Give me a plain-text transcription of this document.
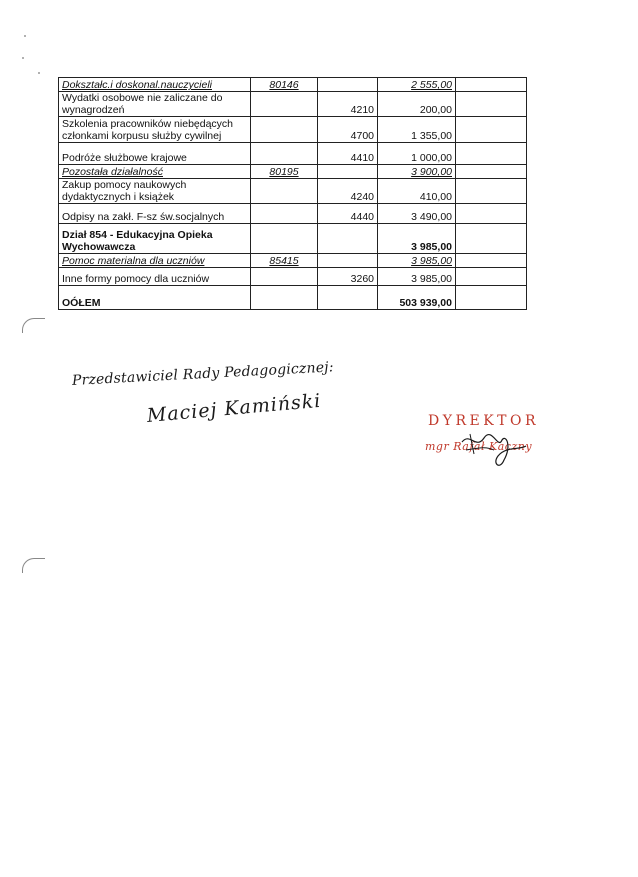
Dokształc.i doskonal.nauczycieli	80146		2 555,00	
Wydatki osobowe nie zaliczane do wynagrodzeń		4210	200,00	
Szkolenia pracowników niebędących członkami korpusu służby cywilnej		4700	1 355,00	
Podróże służbowe krajowe		4410	1 000,00	
Pozostała działalność	80195		3 900,00	
Zakup pomocy naukowych dydaktycznych i książek		4240	410,00	
Odpisy na zakł. F-sz św.socjalnych		4440	3 490,00	
Dział 854 - Edukacyjna Opieka Wychowawcza			3 985,00	
Pomoc materialna dla uczniów	85415		3 985,00	
Inne formy pomocy dla uczniów		3260	3 985,00	
OÓŁEM			503 939,00	
Przedstawiciel Rady Pedagogicznej:
Maciej Kamiński	DYREKTOR
mgr Rafał Kaczny
